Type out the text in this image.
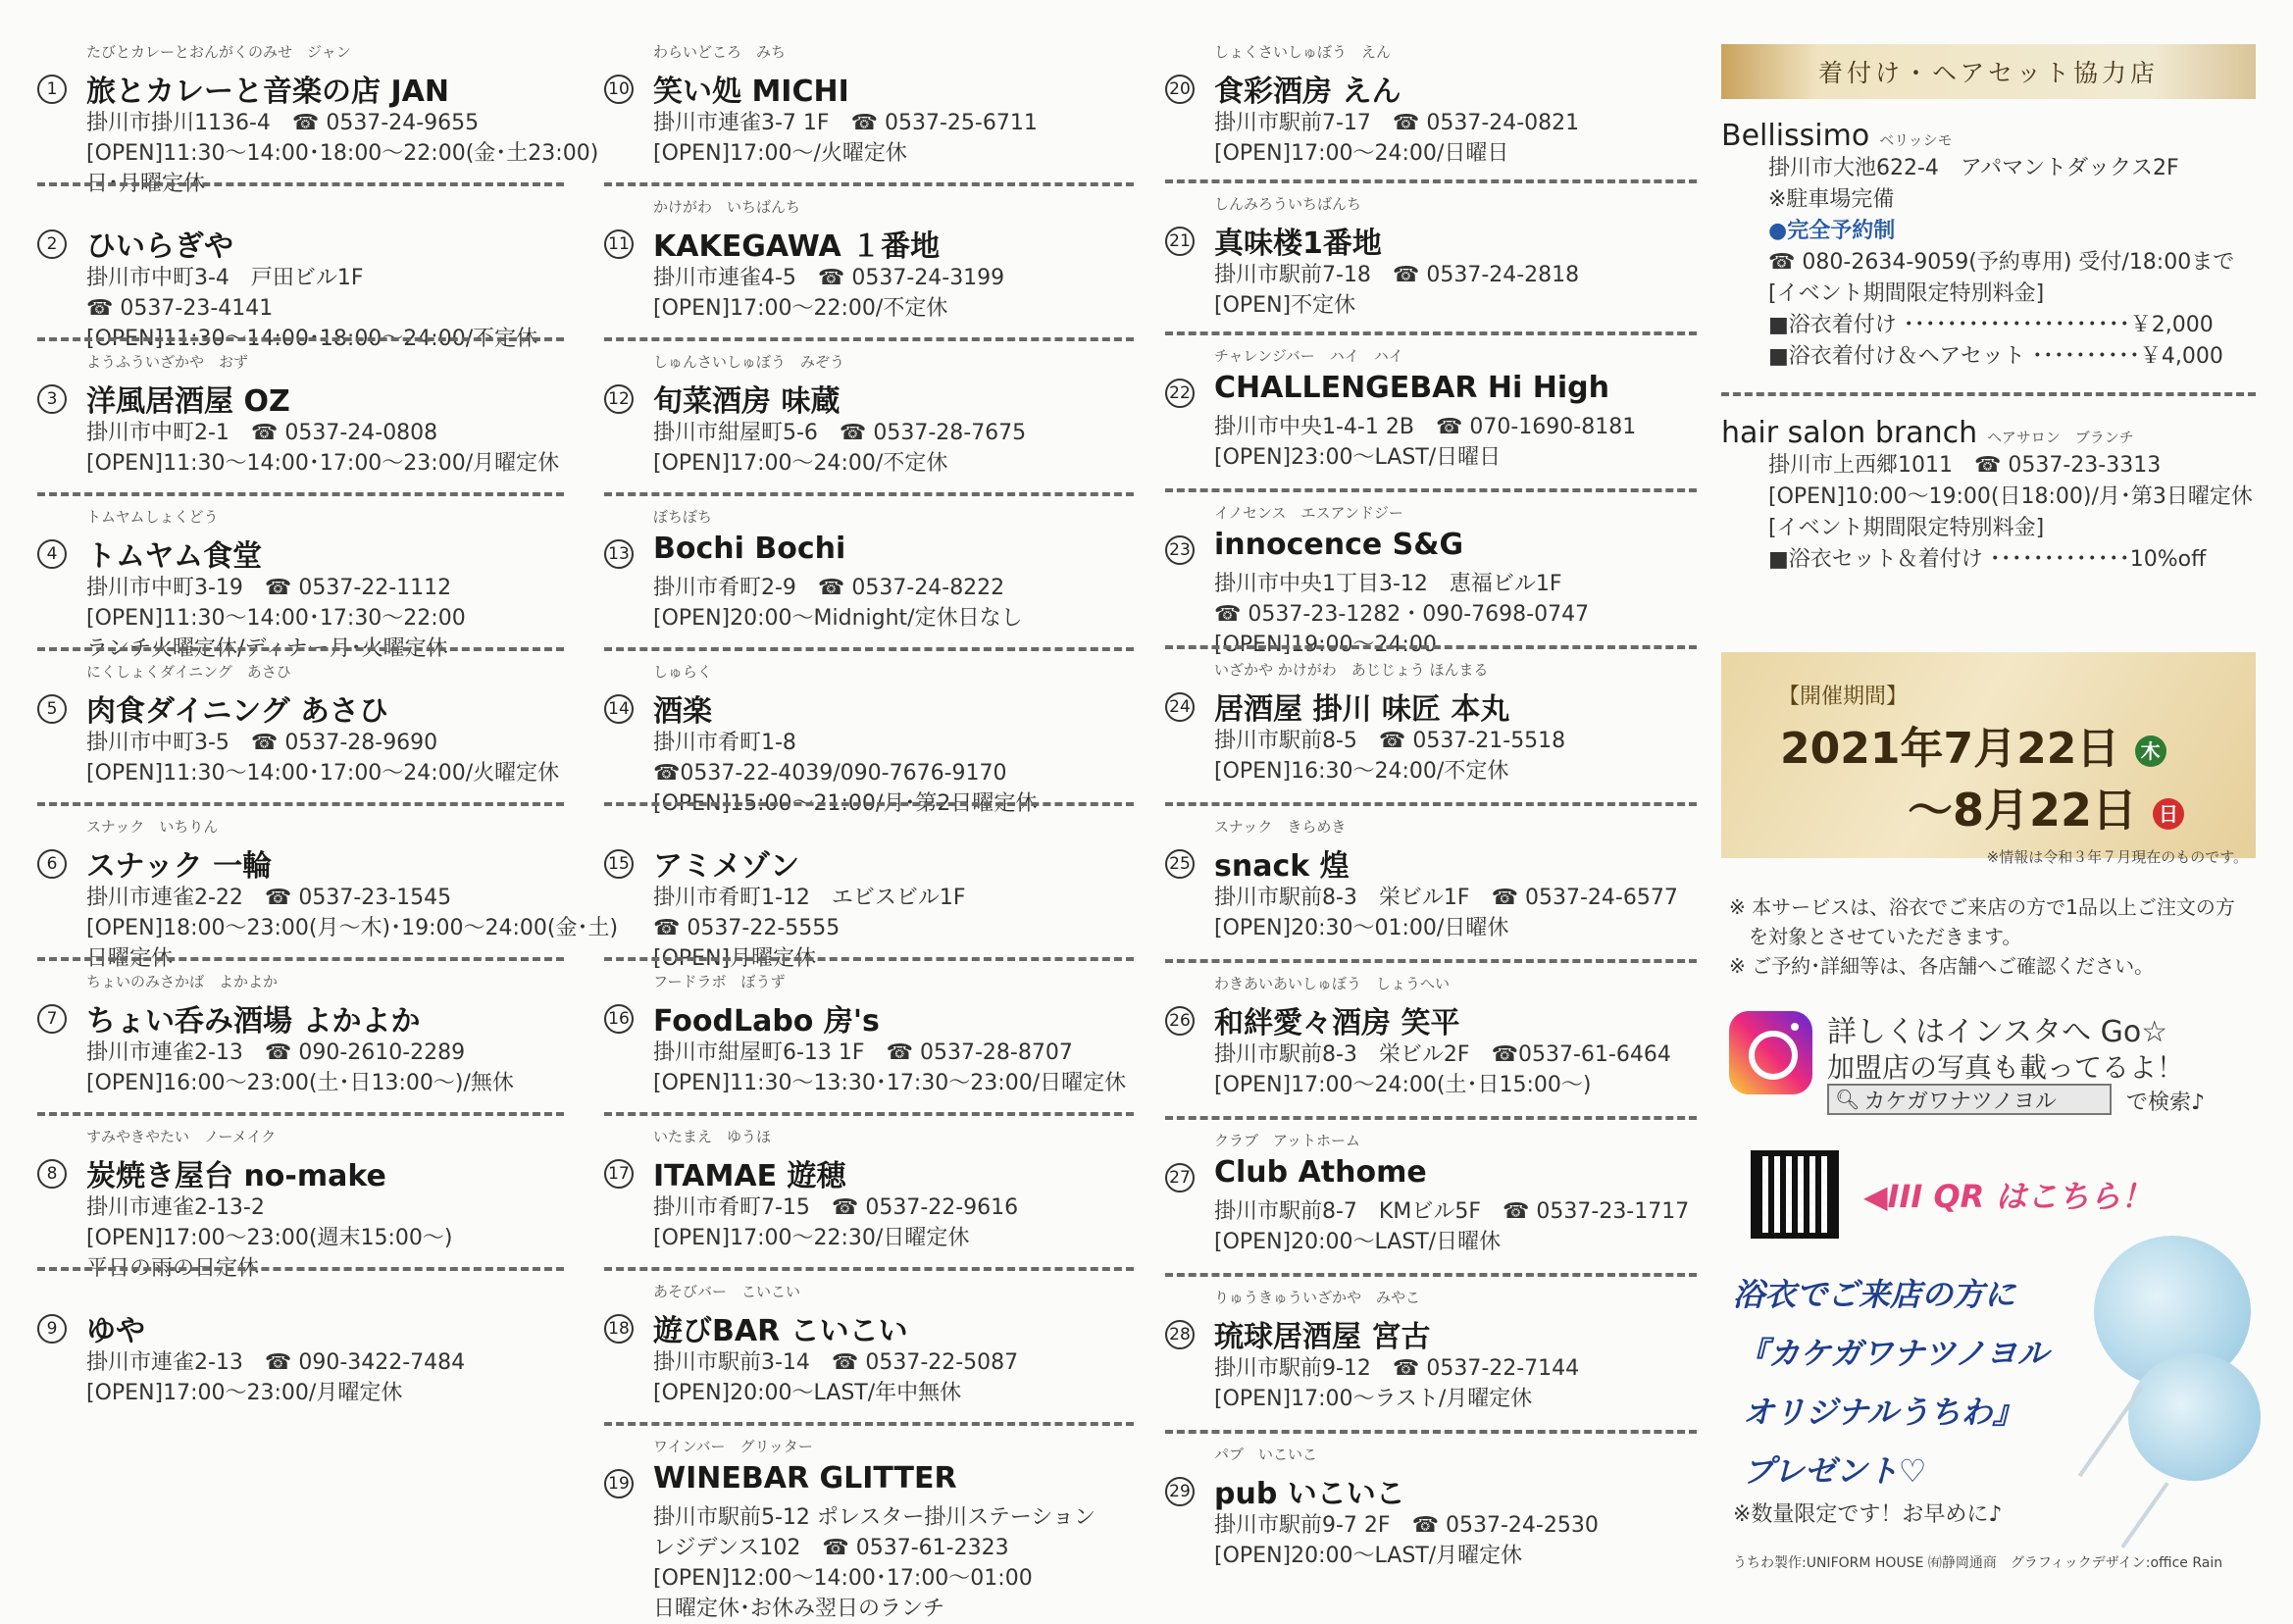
たびとカレーとおんがくのみせ　ジャン
1 旅とカレーと音楽の店 JAN
掛川市掛川1136-4　☎ 0537-24-9655
[OPEN]11:30～14:00･18:00～22:00(金･土23:00)
日･月曜定休
2 ひいらぎや
掛川市中町3-4　戸田ビル1F
☎ 0537-23-4141
[OPEN]11:30～14:00･18:00～24:00/不定休
ようふういざかや　おず
3 洋風居酒屋 OZ
掛川市中町2-1　☎ 0537-24-0808
[OPEN]11:30～14:00･17:00～23:00/月曜定休
トムヤムしょくどう
4 トムヤム食堂
掛川市中町3-19　☎ 0537-22-1112
[OPEN]11:30～14:00･17:30～22:00
ランチ火曜定休/ディナー月･火曜定休
にくしょくダイニング　あさひ
5 肉食ダイニング あさひ
掛川市中町3-5　☎ 0537-28-9690
[OPEN]11:30～14:00･17:00～24:00/火曜定休
スナック　いちりん
6 スナック 一輪
掛川市連雀2-22　☎ 0537-23-1545
[OPEN]18:00～23:00(月～木)･19:00～24:00(金･土)
日曜定休
ちょいのみさかば　よかよか
7 ちょい呑み酒場 よかよか
掛川市連雀2-13　☎ 090-2610-2289
[OPEN]16:00～23:00(土･日13:00～)/無休
すみやきやたい　ノーメイク
8 炭焼き屋台 no-make
掛川市連雀2-13-2
[OPEN]17:00～23:00(週末15:00～)
平日の雨の日定休
9 ゆや
掛川市連雀2-13　☎ 090-3422-7484
[OPEN]17:00～23:00/月曜定休
わらいどころ　みち
10 笑い処 MICHI
掛川市連雀3-7 1F　☎ 0537-25-6711
[OPEN]17:00～/火曜定休
かけがわ　いちばんち
11 KAKEGAWA １番地
掛川市連雀4-5　☎ 0537-24-3199
[OPEN]17:00～22:00/不定休
しゅんさいしゅぼう　みぞう
12 旬菜酒房 味蔵
掛川市紺屋町5-6　☎ 0537-28-7675
[OPEN]17:00～24:00/不定休
ぼちぼち
13 Bochi Bochi
掛川市肴町2-9　☎ 0537-24-8222
[OPEN]20:00～Midnight/定休日なし
しゅらく
14 酒楽
掛川市肴町1-8
☎0537-22-4039/090-7676-9170
[OPEN]15:00～21:00/月･第2日曜定休
15 アミメゾン
掛川市肴町1-12　エビスビル1F
☎ 0537-22-5555
[OPEN]月曜定休
フードラボ　ぼうず
16 FoodLabo 房's
掛川市紺屋町6-13 1F　☎ 0537-28-8707
[OPEN]11:30～13:30･17:30～23:00/日曜定休
いたまえ　ゆうほ
17 ITAMAE 遊穂
掛川市肴町7-15　☎ 0537-22-9616
[OPEN]17:00～22:30/日曜定休
あそびバー　こいこい
18 遊びBAR こいこい
掛川市駅前3-14　☎ 0537-22-5087
[OPEN]20:00～LAST/年中無休
ワインバー　グリッター
19 WINEBAR GLITTER
掛川市駅前5-12 ポレスター掛川ステーション
レジデンス102　☎ 0537-61-2323
[OPEN]12:00～14:00･17:00～01:00
日曜定休･お休み翌日のランチ
しょくさいしゅぼう　えん
20 食彩酒房 えん
掛川市駅前7-17　☎ 0537-24-0821
[OPEN]17:00～24:00/日曜日
しんみろういちばんち
21 真味楼1番地
掛川市駅前7-18　☎ 0537-24-2818
[OPEN]不定休
チャレンジバー　ハイ　ハイ
22 CHALLENGEBAR Hi High
掛川市中央1-4-1 2B　☎ 070-1690-8181
[OPEN]23:00～LAST/日曜日
イノセンス　エスアンドジー
23 innocence S&G
掛川市中央1丁目3-12　恵福ビル1F
☎ 0537-23-1282・090-7698-0747
[OPEN]19:00～24:00
いざかや かけがわ　あじじょう ほんまる
24 居酒屋 掛川 味匠 本丸
掛川市駅前8-5　☎ 0537-21-5518
[OPEN]16:30～24:00/不定休
スナック　きらめき
25 snack 煌
掛川市駅前8-3　栄ビル1F　☎ 0537-24-6577
[OPEN]20:30～01:00/日曜休
わきあいあいしゅぼう　しょうへい
26 和絆愛々酒房 笑平
掛川市駅前8-3　栄ビル2F　☎0537-61-6464
[OPEN]17:00～24:00(土･日15:00～)
クラブ　アットホーム
27 Club Athome
掛川市駅前8-7　KMビル5F　☎ 0537-23-1717
[OPEN]20:00～LAST/日曜休
りゅうきゅういざかや　みやこ
28 琉球居酒屋 宮古
掛川市駅前9-12　☎ 0537-22-7144
[OPEN]17:00～ラスト/月曜定休
パブ　いこいこ
29 pub いこいこ
掛川市駅前9-7 2F　☎ 0537-24-2530
[OPEN]20:00～LAST/月曜定休
着付け・ヘアセット協力店
Bellissimo ベリッシモ
掛川市大池622-4　アパマントダックス2F
※駐車場完備
●完全予約制
☎ 080-2634-9059(予約専用) 受付/18:00まで
[イベント期間限定特別料金]
■浴衣着付け ･････････････････････￥2,000
■浴衣着付け＆ヘアセット ･･････････￥4,000
hair salon branch ヘアサロン　ブランチ
掛川市上西郷1011　☎ 0537-23-3313
[OPEN]10:00～19:00(日18:00)/月･第3日曜定休
[イベント期間限定特別料金]
■浴衣セット＆着付け ･････････････10%off
【開催期間】
2021年7月22日 木
～8月22日 日
※情報は令和３年７月現在のものです。
※ 本サービスは、浴衣でご来店の方で1品以上ご注文の方
　を対象とさせていただきます。
※ ご予約･詳細等は、各店舗へご確認ください。
詳しくはインスタへ Go☆
加盟店の写真も載ってるよ！
🔍︎ カケガワナツノヨル	で検索♪
◀III QR はこちら！
浴衣でご来店の方に
『カケガワナツノヨル
オリジナルうちわ』
プレゼント♡
※数量限定です！お早めに♪
うちわ製作:UNIFORM HOUSE ㈲静岡通商　グラフィックデザイン:office Rain
